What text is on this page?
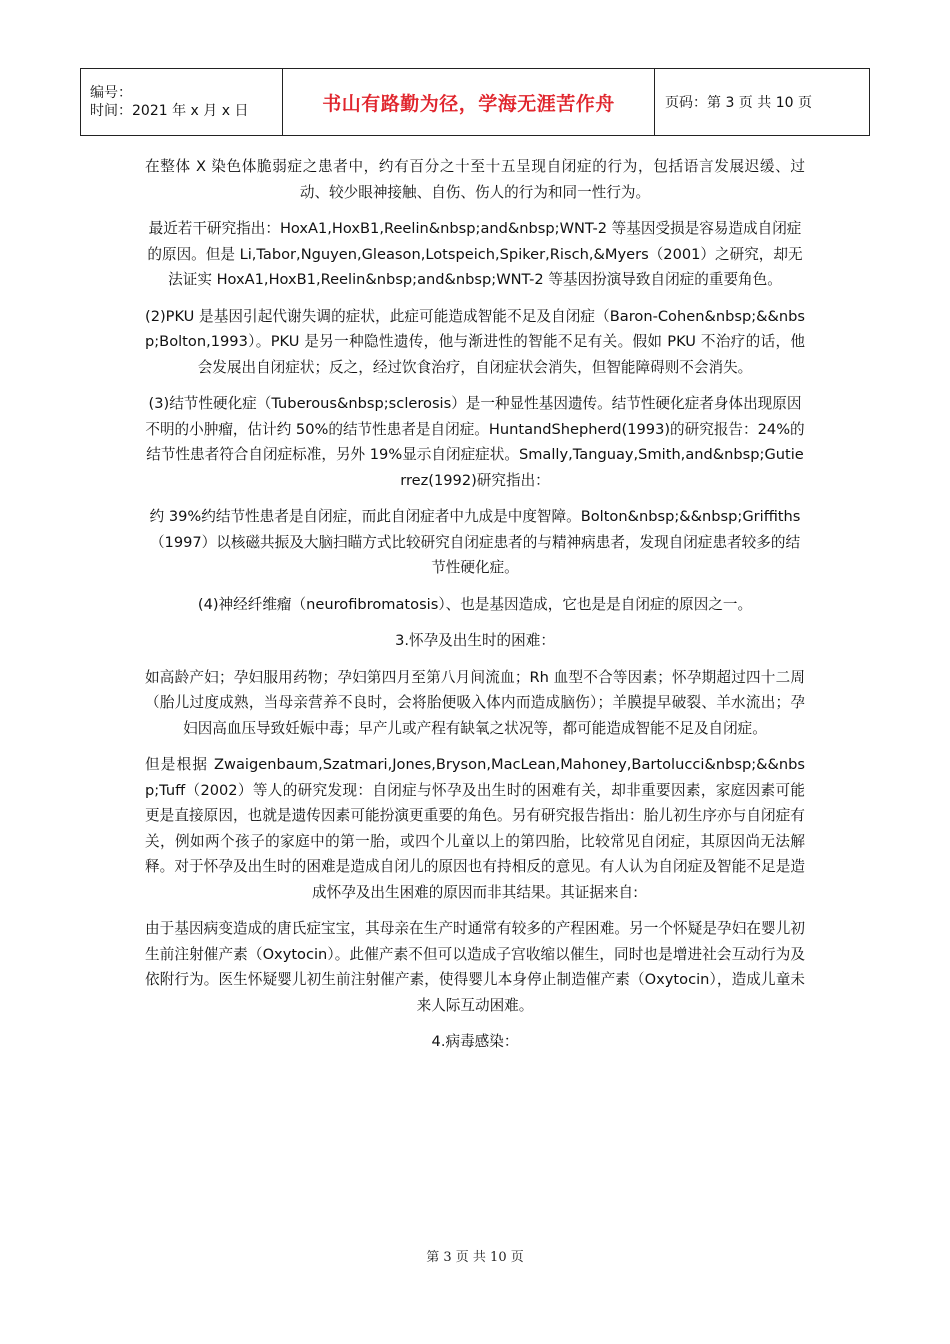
编号：
时间：2021 年 x 月 x 日	书山有路勤为径，学海无涯苦作舟	页码：第 3 页 共 10 页

在整体 X 染色体脆弱症之患者中，约有百分之十至十五呈现自闭症的行为，包括语言发展迟缓、过动、较少眼神接触、自伤、伤人的行为和同一性行为。

最近若干研究指出：HoxA1,HoxB1,Reelin&nbsp;and&nbsp;WNT-2 等基因受损是容易造成自闭症的原因。但是 Li,Tabor,Nguyen,Gleason,Lotspeich,Spiker,Risch,&Myers（2001）之研究，却无法证实 HoxA1,HoxB1,Reelin&nbsp;and&nbsp;WNT-2 等基因扮演导致自闭症的重要角色。

(2)PKU 是基因引起代谢失调的症状，此症可能造成智能不足及自闭症（Baron-Cohen&nbsp;&&nbsp;Bolton,1993）。PKU 是另一种隐性遗传，他与渐进性的智能不足有关。假如 PKU 不治疗的话，他会发展出自闭症状；反之，经过饮食治疗，自闭症状会消失，但智能障碍则不会消失。

(3)结节性硬化症（Tuberous&nbsp;sclerosis）是一种显性基因遗传。结节性硬化症者身体出现原因不明的小肿瘤，估计约 50%的结节性患者是自闭症。HuntandShepherd(1993)的研究报告：24%的结节性患者符合自闭症标准，另外 19%显示自闭症症状。Smally,Tanguay,Smith,and&nbsp;Gutierrez(1992)研究指出：

约 39%约结节性患者是自闭症，而此自闭症者中九成是中度智障。Bolton&nbsp;&&nbsp;Griffiths（1997）以核磁共振及大脑扫瞄方式比较研究自闭症患者的与精神病患者，发现自闭症患者较多的结节性硬化症。

(4)神经纤维瘤（neurofibromatosis）、也是基因造成，它也是是自闭症的原因之一。

3.怀孕及出生时的困难：

如高龄产妇；孕妇服用药物；孕妇第四月至第八月间流血；Rh 血型不合等因素；怀孕期超过四十二周（胎儿过度成熟，当母亲营养不良时，会将胎便吸入体内而造成脑伤）；羊膜提早破裂、羊水流出；孕妇因高血压导致妊娠中毒；早产儿或产程有缺氧之状况等，都可能造成智能不足及自闭症。

但是根据 Zwaigenbaum,Szatmari,Jones,Bryson,MacLean,Mahoney,Bartolucci&nbsp;&&nbsp;Tuff（2002）等人的研究发现：自闭症与怀孕及出生时的困难有关，却非重要因素，家庭因素可能更是直接原因，也就是遗传因素可能扮演更重要的角色。另有研究报告指出：胎儿初生序亦与自闭症有关，例如两个孩子的家庭中的第一胎，或四个儿童以上的第四胎，比较常见自闭症，其原因尚无法解释。对于怀孕及出生时的困难是造成自闭儿的原因也有持相反的意见。有人认为自闭症及智能不足是造成怀孕及出生困难的原因而非其结果。其证据来自:

由于基因病变造成的唐氏症宝宝，其母亲在生产时通常有较多的产程困难。另一个怀疑是孕妇在婴儿初生前注射催产素（Oxytocin）。此催产素不但可以造成子宫收缩以催生，同时也是增进社会互动行为及依附行为。医生怀疑婴儿初生前注射催产素，使得婴儿本身停止制造催产素（Oxytocin），造成儿童未来人际互动困难。

4.病毒感染：

第 3 页 共 10 页
